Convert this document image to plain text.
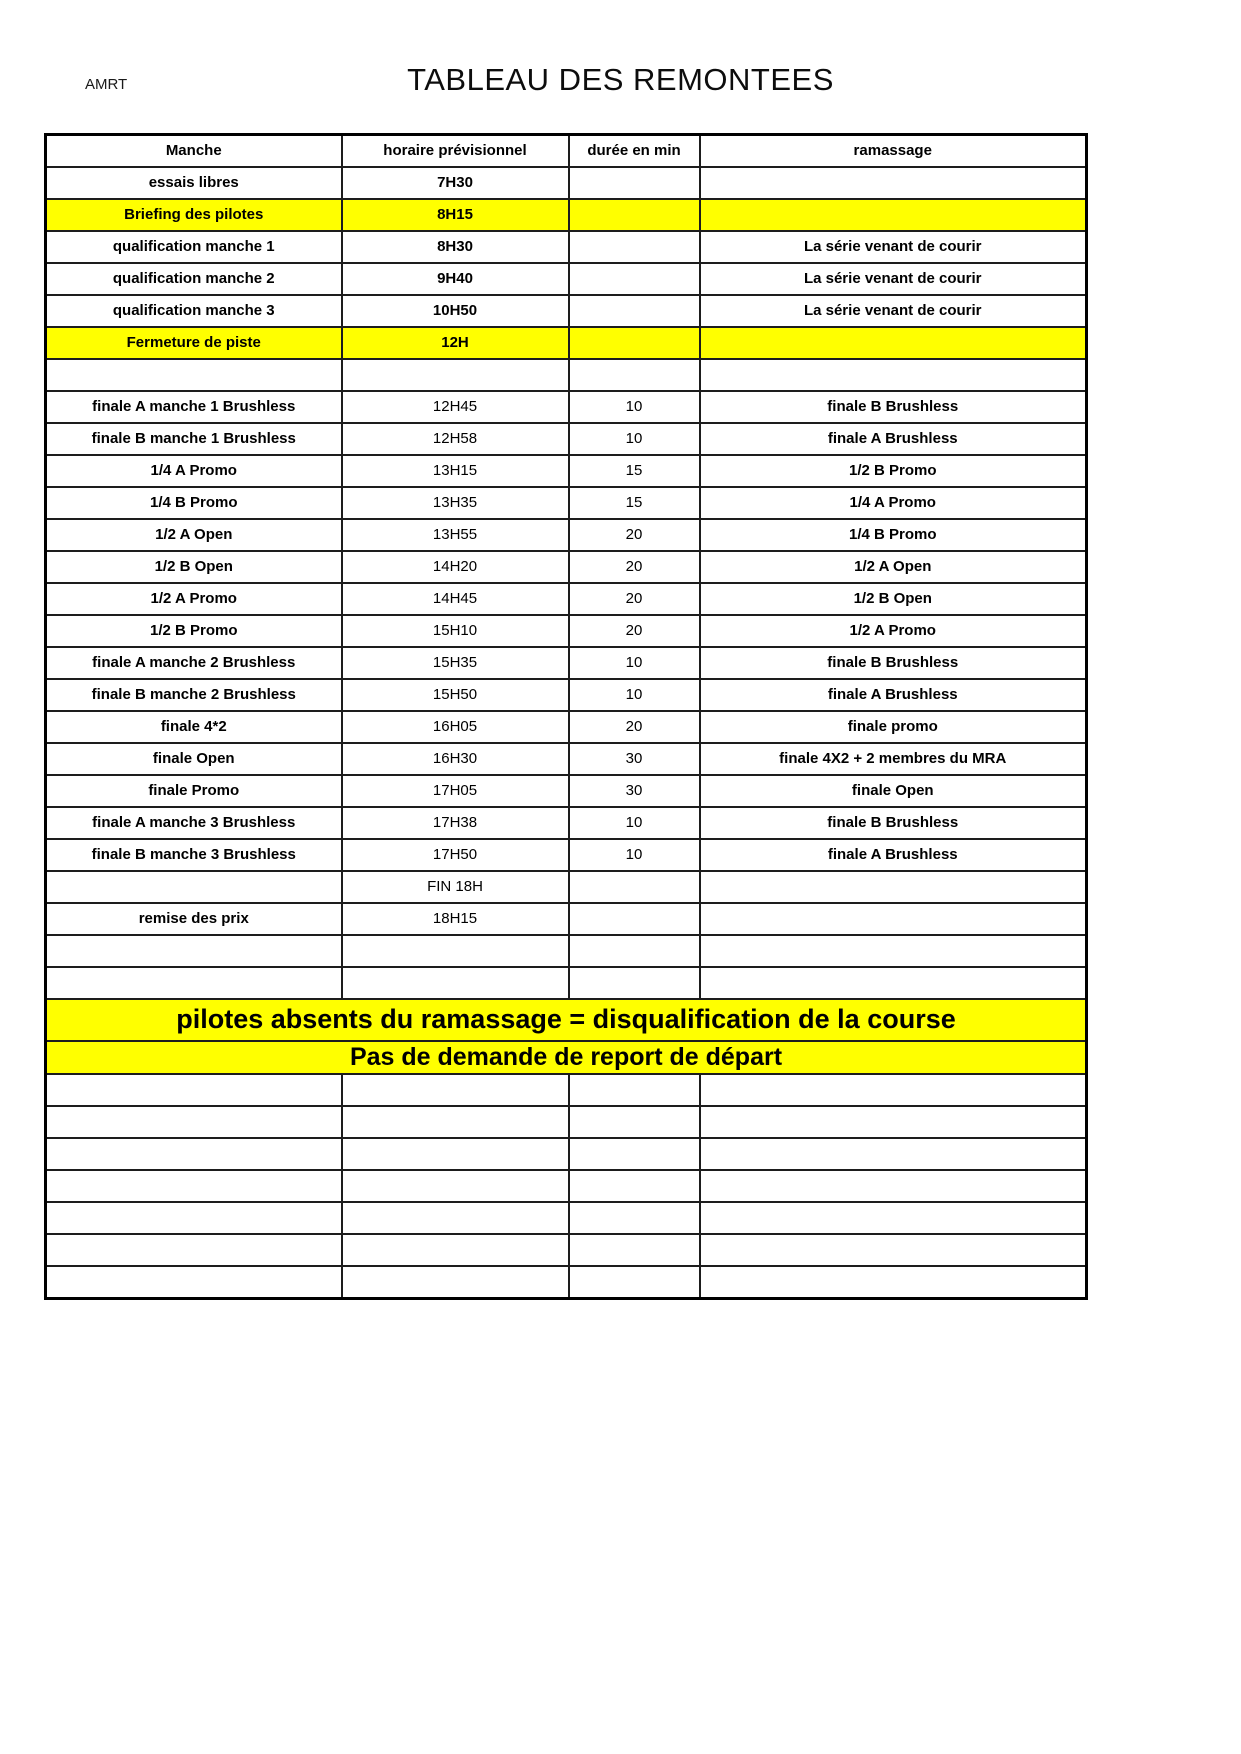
AMRT	TABLEAU DES REMONTEES
Manche	horaire prévisionnel	durée en min	ramassage
essais libres	7H30		
Briefing des pilotes	8H15		
qualification manche 1	8H30		La série venant de courir
qualification manche 2	9H40		La série venant de courir
qualification manche 3	10H50		La série venant de courir
Fermeture de piste	12H		

finale A manche 1 Brushless	12H45	10	finale B Brushless
finale B manche 1 Brushless	12H58	10	finale A Brushless
1/4 A Promo	13H15	15	1/2 B Promo
1/4 B Promo	13H35	15	1/4 A Promo
1/2 A Open	13H55	20	1/4 B Promo
1/2 B Open	14H20	20	1/2 A Open
1/2 A Promo	14H45	20	1/2 B Open
1/2 B Promo	15H10	20	1/2 A Promo
finale A manche 2 Brushless	15H35	10	finale B Brushless
finale B manche 2 Brushless	15H50	10	finale A Brushless
finale 4*2	16H05	20	finale promo
finale Open	16H30	30	finale 4X2 + 2 membres du MRA
finale Promo	17H05	30	finale Open
finale A manche 3 Brushless	17H38	10	finale B Brushless
finale B manche 3 Brushless	17H50	10	finale A Brushless
	FIN 18H		
remise des prix	18H15		

pilotes absents du ramassage = disqualification de la course			
Pas de demande de report de départ			
